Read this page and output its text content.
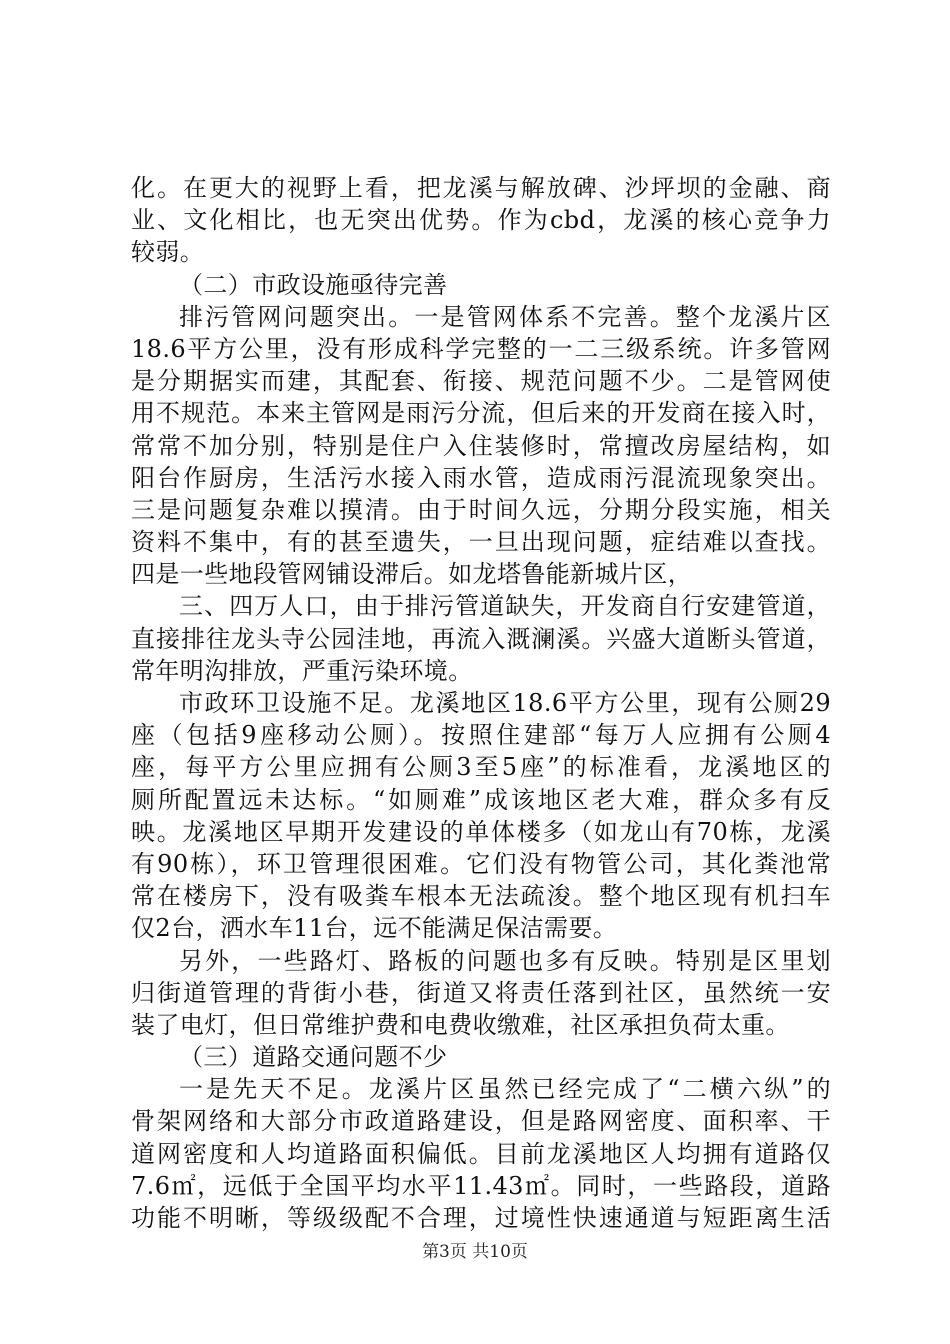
化。在更大的视野上看，把龙溪与解放碑、沙坪坝的金融、商
业、文化相比，也无突出优势。作为cbd，龙溪的核心竞争力
较弱。
（二）市政设施亟待完善
排污管网问题突出。一是管网体系不完善。整个龙溪片区
18.6平方公里，没有形成科学完整的一二三级系统。许多管网
是分期据实而建，其配套、衔接、规范问题不少。二是管网使
用不规范。本来主管网是雨污分流，但后来的开发商在接入时，
常常不加分别，特别是住户入住装修时，常擅改房屋结构，如
阳台作厨房，生活污水接入雨水管，造成雨污混流现象突出。
三是问题复杂难以摸清。由于时间久远，分期分段实施，相关
资料不集中，有的甚至遗失，一旦出现问题，症结难以查找。
四是一些地段管网铺设滞后。如龙塔鲁能新城片区，
三、四万人口，由于排污管道缺失，开发商自行安建管道，
直接排往龙头寺公园洼地，再流入溉澜溪。兴盛大道断头管道，
常年明沟排放，严重污染环境。
市政环卫设施不足。龙溪地区18.6平方公里，现有公厕29
座（包括9座移动公厕）。按照住建部“每万人应拥有公厕4
座，每平方公里应拥有公厕3至5座”的标准看，龙溪地区的
厕所配置远未达标。“如厕难”成该地区老大难，群众多有反
映。龙溪地区早期开发建设的单体楼多（如龙山有70栋，龙溪
有90栋），环卫管理很困难。它们没有物管公司，其化粪池常
常在楼房下，没有吸粪车根本无法疏浚。整个地区现有机扫车
仅2台，洒水车11台，远不能满足保洁需要。
另外，一些路灯、路板的问题也多有反映。特别是区里划
归街道管理的背街小巷，街道又将责任落到社区，虽然统一安
装了电灯，但日常维护费和电费收缴难，社区承担负荷太重。
（三）道路交通问题不少
一是先天不足。龙溪片区虽然已经完成了“二横六纵”的
骨架网络和大部分市政道路建设，但是路网密度、面积率、干
道网密度和人均道路面积偏低。目前龙溪地区人均拥有道路仅
7.6㎡，远低于全国平均水平11.43㎡。同时，一些路段，道路
功能不明晰，等级级配不合理，过境性快速通道与短距离生活
第3页 共10页
